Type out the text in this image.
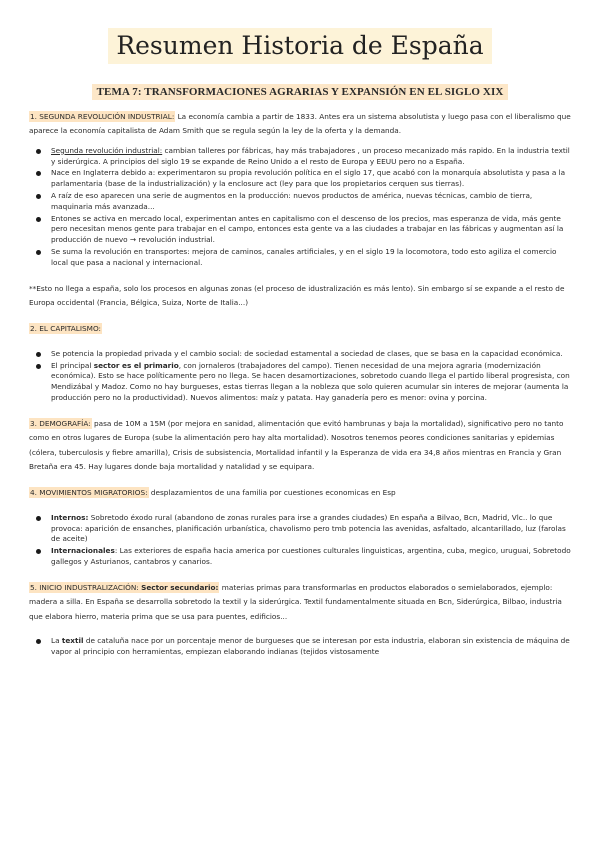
Resumen Historia de España
TEMA 7: TRANSFORMACIONES AGRARIAS Y EXPANSIÓN EN EL SIGLO XIX

1. SEGUNDA REVOLUCIÓN INDUSTRIAL: La economía cambia a partir de 1833. Antes era un sistema absolutista y luego pasa con el liberalismo que aparece la economía capitalista de Adam Smith que se regula según la ley de la oferta y la demanda.

Segunda revolución industrial: cambian talleres por fábricas, hay más trabajadores , un proceso mecanizado más rapido. En la industria textil y siderúrgica. A principios del siglo 19 se expande de Reino Unido a el resto de Europa y EEUU pero no a España.
Nace en Inglaterra debido a: experimentaron su propia revolución política en el siglo 17, que acabó con la monarquía absolutista y pasa a la parlamentaria (base de la industrialización) y la enclosure act (ley para que los propietarios cerquen sus tierras).
A raíz de eso aparecen una serie de augmentos en la producción: nuevos productos de américa, nuevas técnicas, cambio de tierra, maquinaria más avanzada...
Entones se activa en mercado local, experimentan antes en capitalismo con el descenso de los precios, mas esperanza de vida, más gente pero necesitan menos gente para trabajar en el campo, entonces esta gente va a las ciudades a trabajar en las fábricas y augmentan así la producción de nuevo → revolución industrial.
Se suma la revolución en transportes: mejora de caminos, canales artificiales, y en el siglo 19 la locomotora, todo esto agiliza el comercio local que pasa a nacional y internacional.

**Esto no llega a españa, solo los procesos en algunas zonas (el proceso de idustralización es más lento). Sin embargo sí se expande a el resto de Europa occidental (Francia, Bélgica, Suiza, Norte de Italia...)

2. EL CAPITALISMO:

Se potencia la propiedad privada y el cambio social: de sociedad estamental a sociedad de clases, que se basa en la capacidad económica.
El principal sector es el primario, con jornaleros (trabajadores del campo). Tienen necesidad de una mejora agraria (modernización económica). Esto se hace políticamente pero no llega. Se hacen desamortizaciones, sobretodo cuando llega el partido liberal progresista, con Mendizábal y Madoz. Como no hay burgueses, estas tierras llegan a la nobleza que solo quieren acumular sin interes de mejorar (aumenta la producción pero no la productividad). Nuevos alimentos: maíz y patata. Hay ganadería pero es menor: ovina y porcina.

3. DEMOGRAFÍA: pasa de 10M a 15M (por mejora en sanidad, alimentación que evitó hambrunas y baja la mortalidad), significativo pero no tanto como en otros lugares de Europa (sube la alimentación pero hay alta mortalidad). Nosotros tenemos peores condiciones sanitarias y epidemias (cólera, tuberculosis y fiebre amarilla), Crisis de subsistencia, Mortalidad infantil y la Esperanza de vida era 34,8 años mientras en Francia y Gran Bretaña era 45. Hay lugares donde baja mortalidad y natalidad y se equipara.

4. MOVIMIENTOS MIGRATORIOS: desplazamientos de una familia por cuestiones economicas en Esp

Internos: Sobretodo éxodo rural (abandono de zonas rurales para irse a grandes ciudades) En españa a Bilvao, Bcn, Madrid, Vlc.. lo que provoca: aparición de ensanches, planificación urbanística, chavolismo pero tmb potencia las avenidas, asfaltado, alcantarillado, luz (farolas de aceite)
Internacionales: Las exteriores de españa hacia america por cuestiones culturales linguisticas, argentina, cuba, megico, uruguai, Sobretodo gallegos y Asturianos, cantabros y canarios.

5. INICIO INDUSTRALIZACIÓN: Sector secundario: materias primas para transformarlas en productos elaborados o semielaborados, ejemplo: madera a silla. En España se desarrolla sobretodo la textil y la siderúrgica. Textil fundamentalmente situada en Bcn, Siderúrgica, Bilbao, industria que elabora hierro, materia prima que se usa para puentes, edificios...

La textil de cataluña nace por un porcentaje menor de burgueses que se interesan por esta industria, elaboran sin existencia de máquina de vapor al principio con herramientas, empiezan elaborando indianas (tejidos vistosamente
